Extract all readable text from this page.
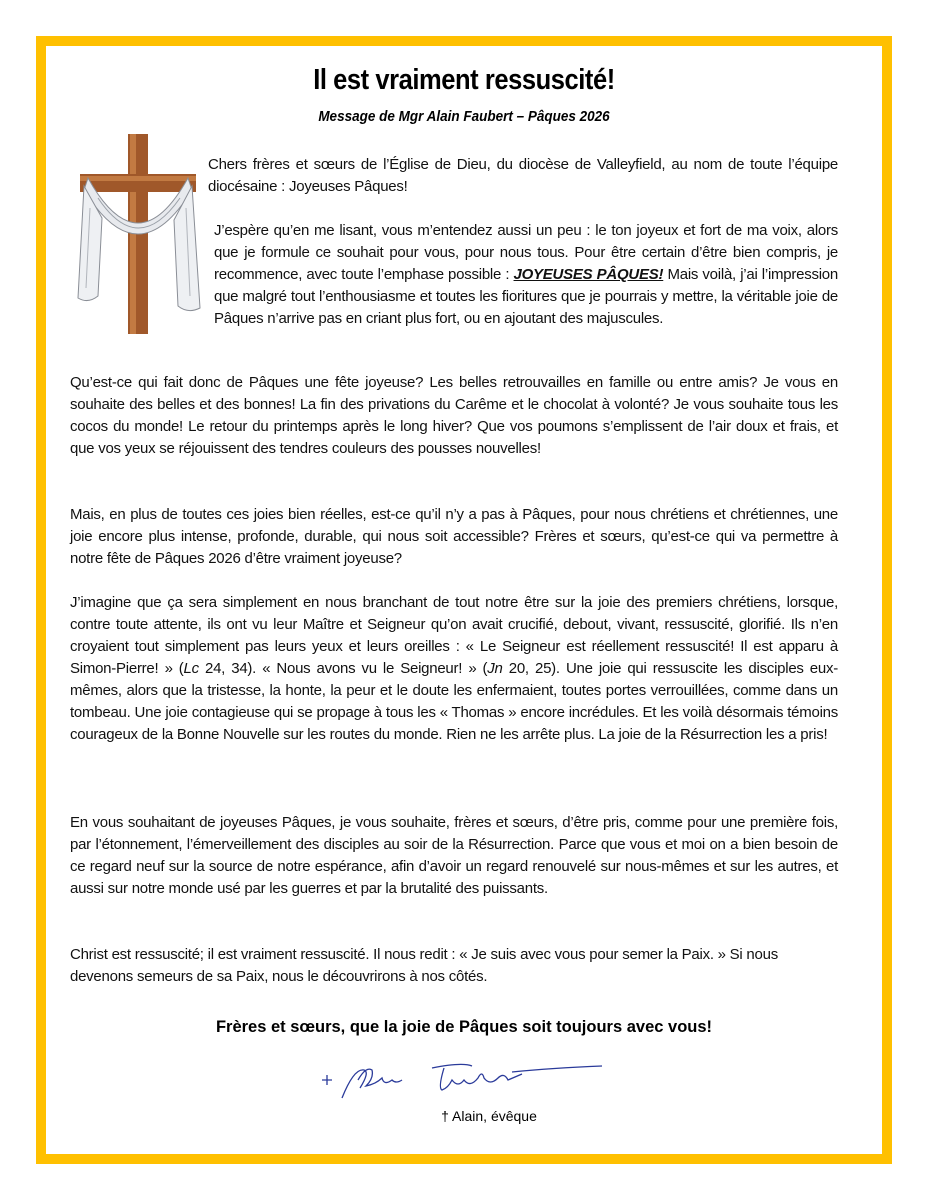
Il est vraiment ressuscité!
Message de Mgr Alain Faubert – Pâques 2026

Chers frères et sœurs de l’Église de Dieu, du diocèse de Valleyfield, au nom de toute l’équipe diocésaine : Joyeuses Pâques!

J’espère qu’en me lisant, vous m’entendez aussi un peu : le ton joyeux et fort de ma voix, alors que je formule ce souhait pour vous, pour nous tous. Pour être certain d’être bien compris, je recommence, avec toute l’emphase possible : JOYEUSES PÂQUES! Mais voilà, j’ai l’impression que malgré tout l’enthousiasme et toutes les fioritures que je pourrais y mettre, la véritable joie de Pâques n’arrive pas en criant plus fort, ou en ajoutant des majuscules.

Qu’est-ce qui fait donc de Pâques une fête joyeuse? Les belles retrouvailles en famille ou entre amis? Je vous en souhaite des belles et des bonnes! La fin des privations du Carême et le chocolat à volonté? Je vous souhaite tous les cocos du monde! Le retour du printemps après le long hiver? Que vos poumons s’emplissent de l’air doux et frais, et que vos yeux se réjouissent des tendres couleurs des pousses nouvelles!

Mais, en plus de toutes ces joies bien réelles, est-ce qu’il n’y a pas à Pâques, pour nous chrétiens et chrétiennes, une joie encore plus intense, profonde, durable, qui nous soit accessible? Frères et sœurs, qu’est-ce qui va permettre à notre fête de Pâques 2026 d’être vraiment joyeuse?

J’imagine que ça sera simplement en nous branchant de tout notre être sur la joie des premiers chrétiens, lorsque, contre toute attente, ils ont vu leur Maître et Seigneur qu’on avait crucifié, debout, vivant, ressuscité, glorifié. Ils n’en croyaient tout simplement pas leurs yeux et leurs oreilles : « Le Seigneur est réellement ressuscité! Il est apparu à Simon-Pierre! » (Lc 24, 34). « Nous avons vu le Seigneur! » (Jn 20, 25). Une joie qui ressuscite les disciples eux-mêmes, alors que la tristesse, la honte, la peur et le doute les enfermaient, toutes portes verrouillées, comme dans un tombeau. Une joie contagieuse qui se propage à tous les « Thomas » encore incrédules. Et les voilà désormais témoins courageux de la Bonne Nouvelle sur les routes du monde. Rien ne les arrête plus. La joie de la Résurrection les a pris!

En vous souhaitant de joyeuses Pâques, je vous souhaite, frères et sœurs, d’être pris, comme pour une première fois, par l’étonnement, l’émerveillement des disciples au soir de la Résurrection. Parce que vous et moi on a bien besoin de ce regard neuf sur la source de notre espérance, afin d’avoir un regard renouvelé sur nous-mêmes et sur les autres, et aussi sur notre monde usé par les guerres et par la brutalité des puissants.

Christ est ressuscité; il est vraiment ressuscité. Il nous redit : « Je suis avec vous pour semer la Paix. » Si nous devenons semeurs de sa Paix, nous le découvrirons à nos côtés.

Frères et sœurs, que la joie de Pâques soit toujours avec vous!
† Alain, évêque
